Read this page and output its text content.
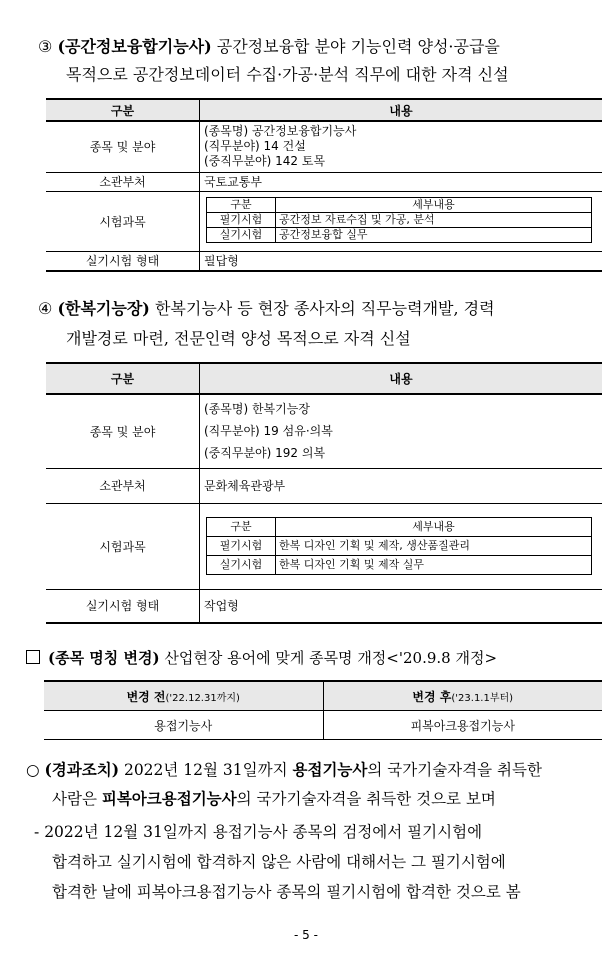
③ (공간정보융합기능사) 공간정보융합 분야 기능인력 양성·공급을
목적으로 공간정보데이터 수집·가공·분석 직무에 대한 자격 신설
구분	내용
종목 및 분야	
(종목명) 공간정보융합기능사
(직무분야) 14 건설
(중직무분야) 142 토목

소관부처	국토교통부
시험과목	
구분	세부내용
필기시험	공간정보 자료수집 및 가공, 분석
실기시험	공간정보융합 실무

실기시험 형태	필답형
④ (한복기능장) 한복기능사 등 현장 종사자의 직무능력개발, 경력
개발경로 마련, 전문인력 양성 목적으로 자격 신설
구분	내용
종목 및 분야	
(종목명) 한복기능장
(직무분야) 19 섬유·의복
(중직무분야) 192 의복

소관부처	문화체육관광부
시험과목	
구분	세부내용
필기시험	한복 디자인 기획 및 제작, 생산품질관리
실기시험	한복 디자인 기획 및 제작 실무

실기시험 형태	작업형
(종목 명칭 변경) 산업현장 용어에 맞게 종목명 개정<'20.9.8 개정>
변경 전('22.12.31까지)	변경 후('23.1.1부터)
용접기능사	피복아크용접기능사
○ (경과조치) 2022년 12월 31일까지 용접기능사의 국가기술자격을 취득한
사람은 피복아크용접기능사의 국가기술자격을 취득한 것으로 보며
- 2022년 12월 31일까지 용접기능사 종목의 검정에서 필기시험에
합격하고 실기시험에 합격하지 않은 사람에 대해서는 그 필기시험에
합격한 날에 피복아크용접기능사 종목의 필기시험에 합격한 것으로 봄
- 5 -
